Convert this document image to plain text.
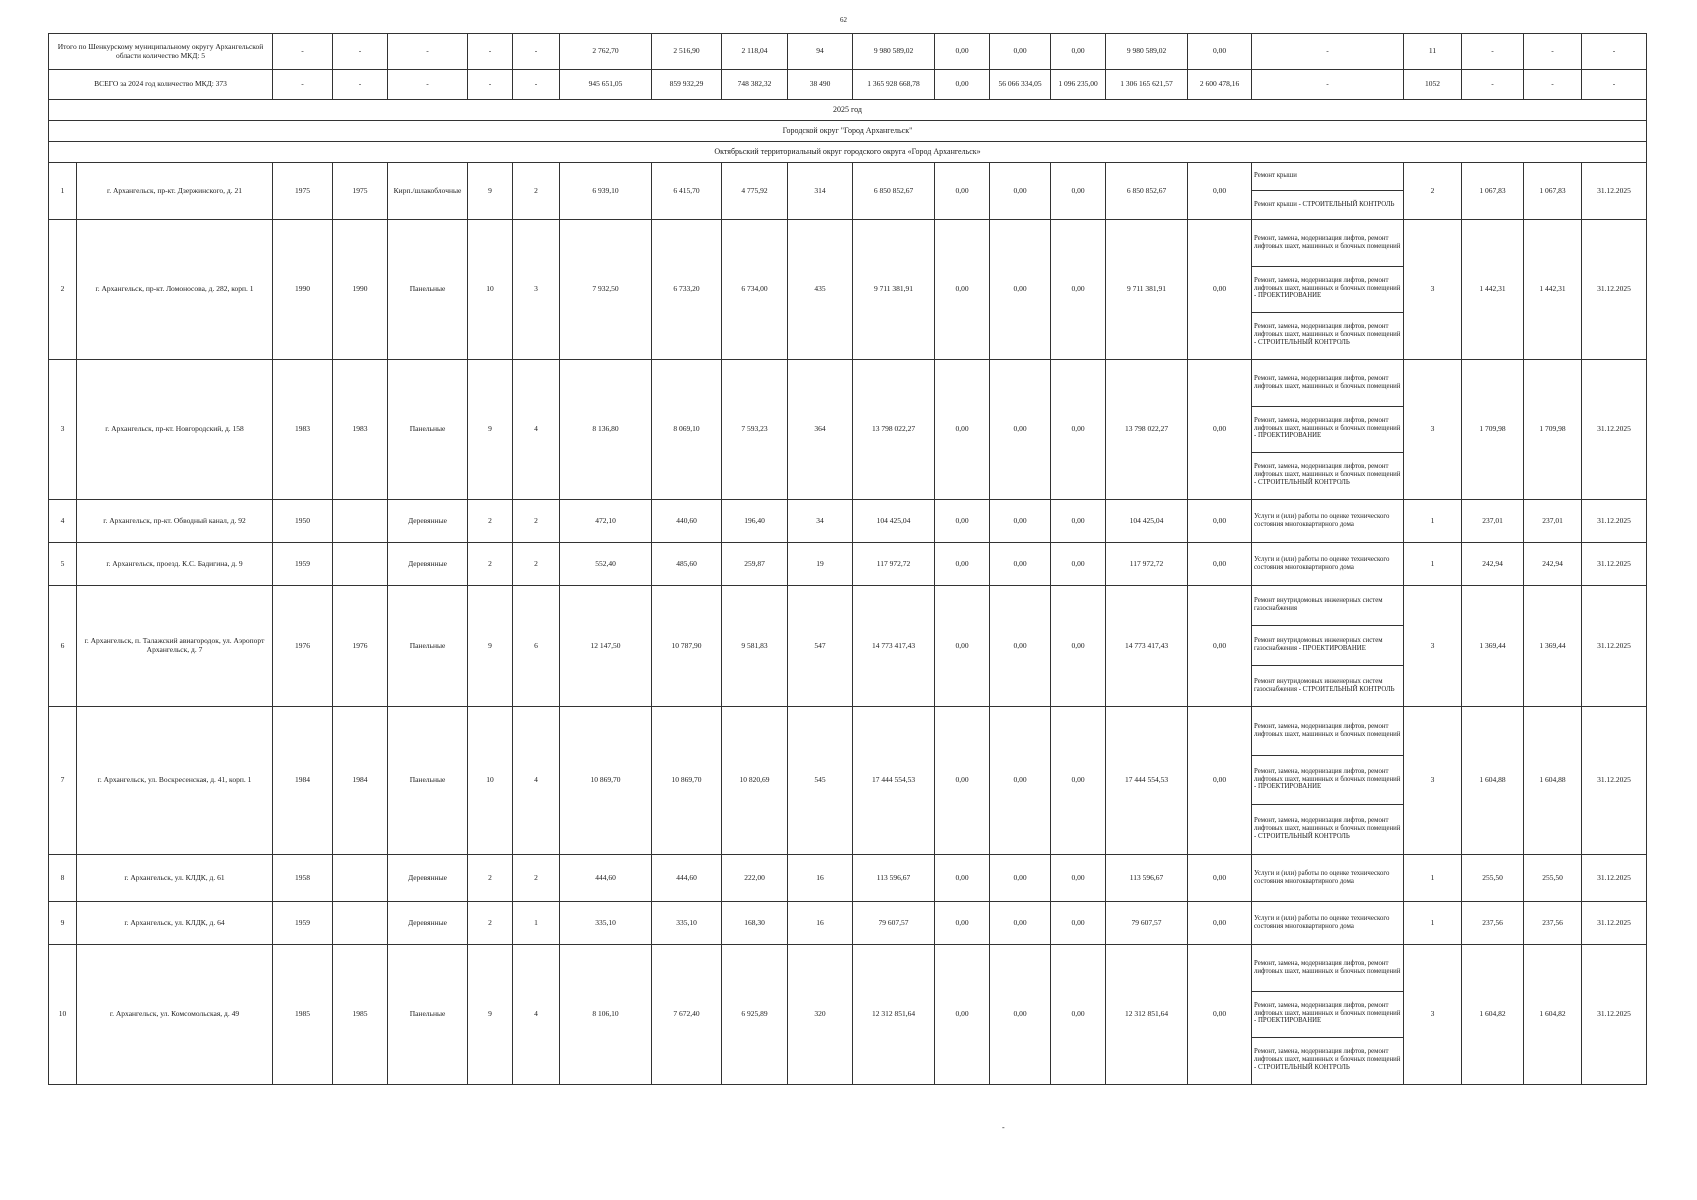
62
Итого по Шенкурскому муниципальному округу Архангельской области количество МКД: 5		-	-	-	-	-	2 762,70	2 516,90	2 118,04	94	9 980 589,02	0,00	0,00	0,00	9 980 589,02	0,00	-	11	-	-	-
ВСЕГО за 2024 год количество МКД: 373		-	-	-	-	-	945 651,05	859 932,29	748 382,32	38 490	1 365 928 668,78	0,00	56 066 334,05	1 096 235,00	1 306 165 621,57	2 600 478,16	-	1052	-	-	-
2025 год																					
Городской округ "Город Архангельск"																					
Октябрьский территориальный округ городского округа «Город Архангельск»																					
1	г. Архангельск, пр-кт. Дзержинского, д. 21	1975	1975	Кирп./шлакоблочные	9	2	6 939,10	6 415,70	4 775,92	314	6 850 852,67	0,00	0,00	0,00	6 850 852,67	0,00	Ремонт крыши
Ремонт крыши - СТРОИТЕЛЬНЫЙ КОНТРОЛЬ	2	1 067,83	1 067,83	31.12.2025
2	г. Архангельск, пр-кт. Ломоносова, д. 282, корп. 1	1990	1990	Панельные	10	3	7 932,50	6 733,20	6 734,00	435	9 711 381,91	0,00	0,00	0,00	9 711 381,91	0,00	Ремонт, замена, модернизация лифтов, ремонт лифтовых шахт, машинных и блочных помещений
Ремонт, замена, модернизация лифтов, ремонт лифтовых шахт, машинных и блочных помещений - ПРОЕКТИРОВАНИЕ
Ремонт, замена, модернизация лифтов, ремонт лифтовых шахт, машинных и блочных помещений - СТРОИТЕЛЬНЫЙ КОНТРОЛЬ	3	1 442,31	1 442,31	31.12.2025
3	г. Архангельск, пр-кт. Новгородский, д. 158	1983	1983	Панельные	9	4	8 136,80	8 069,10	7 593,23	364	13 798 022,27	0,00	0,00	0,00	13 798 022,27	0,00	Ремонт, замена, модернизация лифтов, ремонт лифтовых шахт, машинных и блочных помещений
Ремонт, замена, модернизация лифтов, ремонт лифтовых шахт, машинных и блочных помещений - ПРОЕКТИРОВАНИЕ
Ремонт, замена, модернизация лифтов, ремонт лифтовых шахт, машинных и блочных помещений - СТРОИТЕЛЬНЫЙ КОНТРОЛЬ	3	1 709,98	1 709,98	31.12.2025
4	г. Архангельск, пр-кт. Обводный канал, д. 92	1950		Деревянные	2	2	472,10	440,60	196,40	34	104 425,04	0,00	0,00	0,00	104 425,04	0,00	Услуги и (или) работы по оценке технического состояния многоквартирного дома	1	237,01	237,01	31.12.2025
5	г. Архангельск, проезд. К.С. Бадигина, д. 9	1959		Деревянные	2	2	552,40	485,60	259,87	19	117 972,72	0,00	0,00	0,00	117 972,72	0,00	Услуги и (или) работы по оценке технического состояния многоквартирного дома	1	242,94	242,94	31.12.2025
6	г. Архангельск, п. Талажский авиагородок, ул. Аэропорт Архангельск, д. 7	1976	1976	Панельные	9	6	12 147,50	10 787,90	9 581,83	547	14 773 417,43	0,00	0,00	0,00	14 773 417,43	0,00	Ремонт внутридомовых инженерных систем газоснабжения
Ремонт внутридомовых инженерных систем газоснабжения - ПРОЕКТИРОВАНИЕ
Ремонт внутридомовых инженерных систем газоснабжения - СТРОИТЕЛЬНЫЙ КОНТРОЛЬ	3	1 369,44	1 369,44	31.12.2025
7	г. Архангельск, ул. Воскресенская, д. 41, корп. 1	1984	1984	Панельные	10	4	10 869,70	10 869,70	10 820,69	545	17 444 554,53	0,00	0,00	0,00	17 444 554,53	0,00	Ремонт, замена, модернизация лифтов, ремонт лифтовых шахт, машинных и блочных помещений
Ремонт, замена, модернизация лифтов, ремонт лифтовых шахт, машинных и блочных помещений - ПРОЕКТИРОВАНИЕ
Ремонт, замена, модернизация лифтов, ремонт лифтовых шахт, машинных и блочных помещений - СТРОИТЕЛЬНЫЙ КОНТРОЛЬ	3	1 604,88	1 604,88	31.12.2025
8	г. Архангельск, ул. КЛДК, д. 61	1958		Деревянные	2	2	444,60	444,60	222,00	16	113 596,67	0,00	0,00	0,00	113 596,67	0,00	Услуги и (или) работы по оценке технического состояния многоквартирного дома	1	255,50	255,50	31.12.2025
9	г. Архангельск, ул. КЛДК, д. 64	1959		Деревянные	2	1	335,10	335,10	168,30	16	79 607,57	0,00	0,00	0,00	79 607,57	0,00	Услуги и (или) работы по оценке технического состояния многоквартирного дома	1	237,56	237,56	31.12.2025
10	г. Архангельск, ул. Комсомольская, д. 49	1985	1985	Панельные	9	4	8 106,10	7 672,40	6 925,89	320	12 312 851,64	0,00	0,00	0,00	12 312 851,64	0,00	Ремонт, замена, модернизация лифтов, ремонт лифтовых шахт, машинных и блочных помещений
Ремонт, замена, модернизация лифтов, ремонт лифтовых шахт, машинных и блочных помещений - ПРОЕКТИРОВАНИЕ
Ремонт, замена, модернизация лифтов, ремонт лифтовых шахт, машинных и блочных помещений - СТРОИТЕЛЬНЫЙ КОНТРОЛЬ	3	1 604,82	1 604,82	31.12.2025
-
